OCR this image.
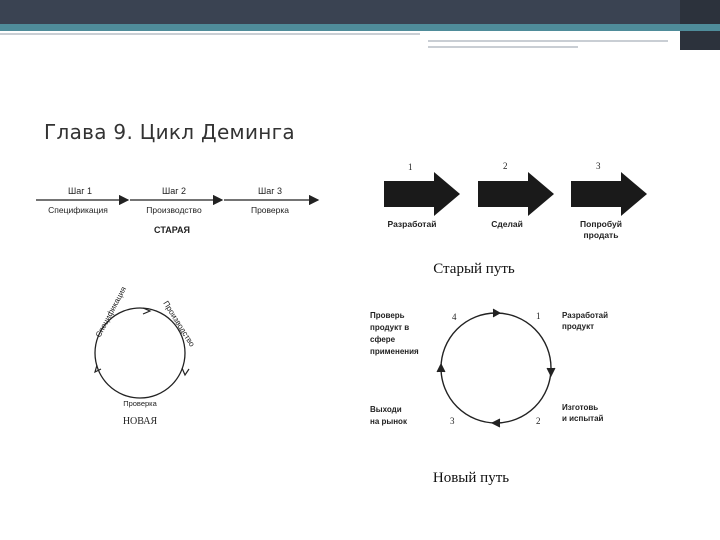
Глава 9. Цикл Деминга
Шаг 1	Шаг 2	Шаг 3
Спецификация	Производство	Проверка
СТАРАЯ
1	2	3
Разработай	Сделай	Попробуй
продать
Старый путь
Спецификация	Производство
Проверка
НОВАЯ
4	1
3	2
Проверь
продукт в
сфере
применения
Разработай
продукт
Выходи
на рынок
Изготовь
и испытай
Новый путь
